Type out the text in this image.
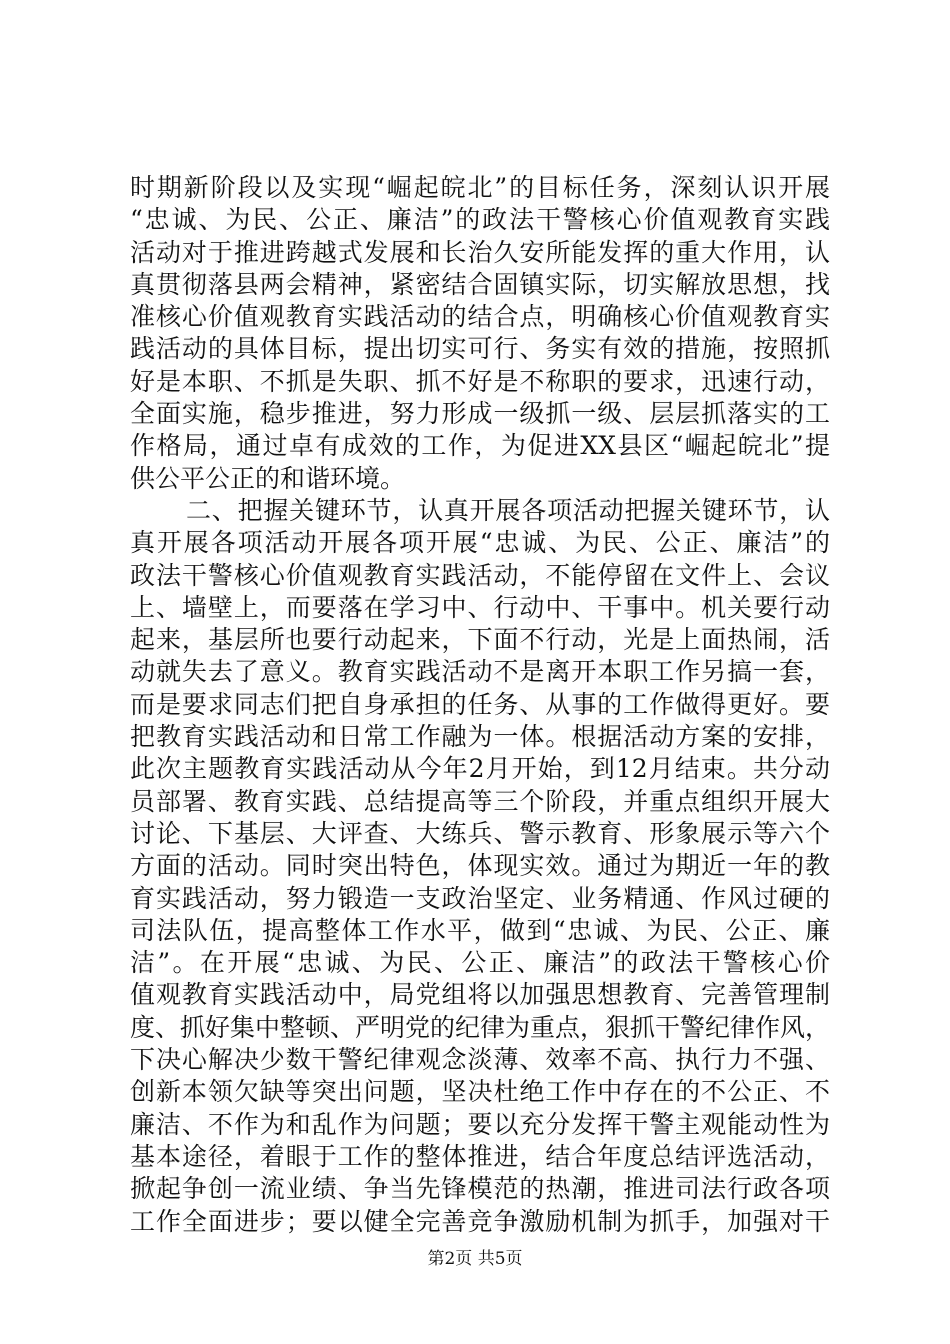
时期新阶段以及实现“崛起皖北”的目标任务，深刻认识开展
“忠诚、为民、公正、廉洁”的政法干警核心价值观教育实践
活动对于推进跨越式发展和长治久安所能发挥的重大作用，认
真贯彻落县两会精神，紧密结合固镇实际，切实解放思想，找
准核心价值观教育实践活动的结合点，明确核心价值观教育实
践活动的具体目标，提出切实可行、务实有效的措施，按照抓
好是本职、不抓是失职、抓不好是不称职的要求，迅速行动，
全面实施，稳步推进，努力形成一级抓一级、层层抓落实的工
作格局，通过卓有成效的工作，为促进XX县区“崛起皖北”提
供公平公正的和谐环境。
二、把握关键环节，认真开展各项活动把握关键环节，认
真开展各项活动开展各项开展“忠诚、为民、公正、廉洁”的
政法干警核心价值观教育实践活动，不能停留在文件上、会议
上、墙壁上，而要落在学习中、行动中、干事中。机关要行动
起来，基层所也要行动起来，下面不行动，光是上面热闹，活
动就失去了意义。教育实践活动不是离开本职工作另搞一套，
而是要求同志们把自身承担的任务、从事的工作做得更好。要
把教育实践活动和日常工作融为一体。根据活动方案的安排，
此次主题教育实践活动从今年2月开始，到12月结束。共分动
员部署、教育实践、总结提高等三个阶段，并重点组织开展大
讨论、下基层、大评查、大练兵、警示教育、形象展示等六个
方面的活动。同时突出特色，体现实效。通过为期近一年的教
育实践活动，努力锻造一支政治坚定、业务精通、作风过硬的
司法队伍，提高整体工作水平，做到“忠诚、为民、公正、廉
洁”。在开展“忠诚、为民、公正、廉洁”的政法干警核心价
值观教育实践活动中，局党组将以加强思想教育、完善管理制
度、抓好集中整顿、严明党的纪律为重点，狠抓干警纪律作风，
下决心解决少数干警纪律观念淡薄、效率不高、执行力不强、
创新本领欠缺等突出问题，坚决杜绝工作中存在的不公正、不
廉洁、不作为和乱作为问题；要以充分发挥干警主观能动性为
基本途径，着眼于工作的整体推进，结合年度总结评选活动，
掀起争创一流业绩、争当先锋模范的热潮，推进司法行政各项
工作全面进步；要以健全完善竞争激励机制为抓手，加强对干
第2页 共5页
